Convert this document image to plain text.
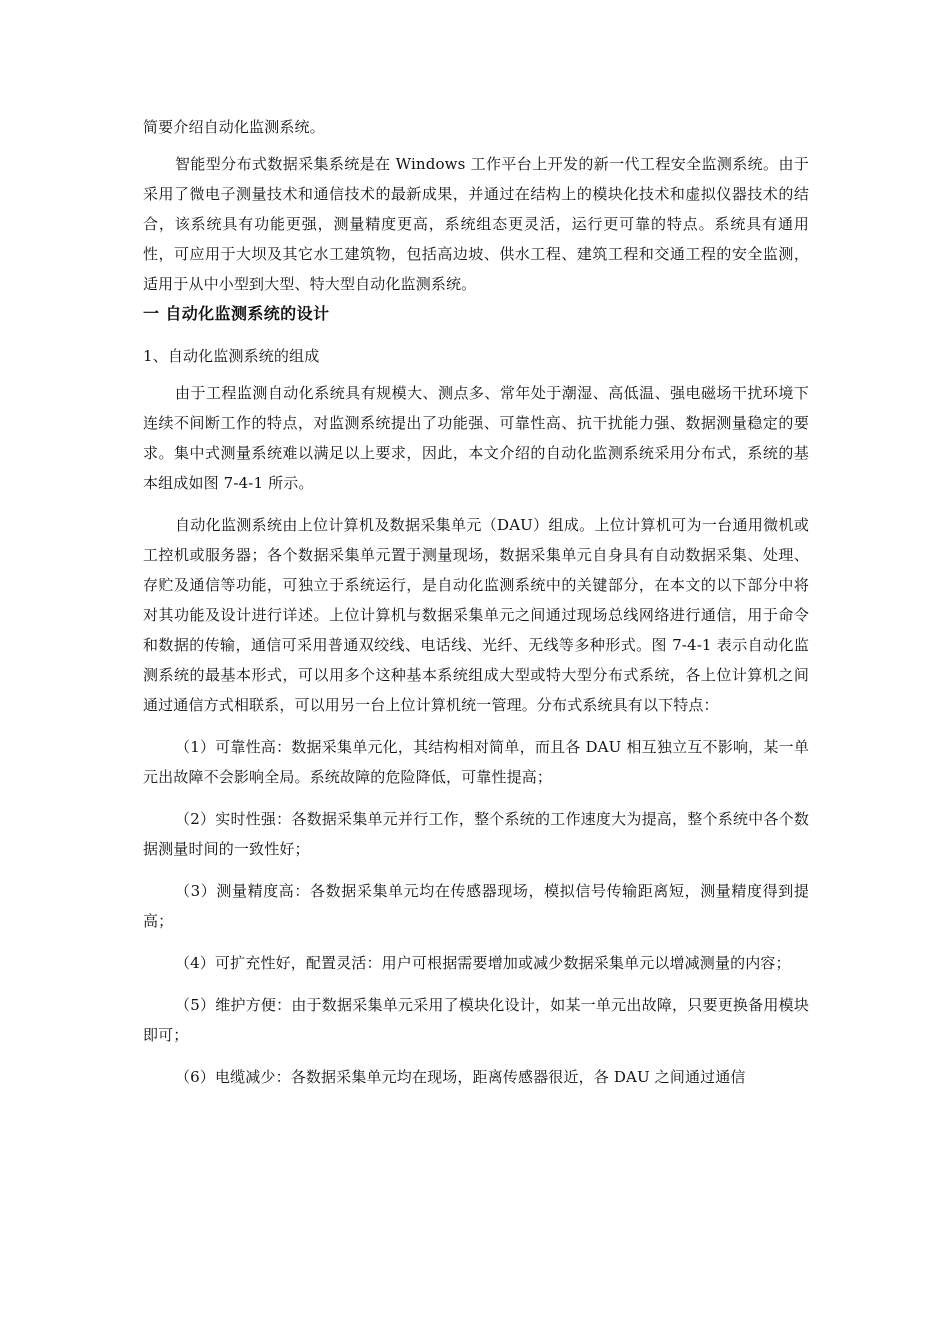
简要介绍自动化监测系统。

智能型分布式数据采集系统是在 Windows 工作平台上开发的新一代工程安全监测系统。由于采用了微电子测量技术和通信技术的最新成果，并通过在结构上的模块化技术和虚拟仪器技术的结合，该系统具有功能更强，测量精度更高，系统组态更灵活，运行更可靠的特点。系统具有通用性，可应用于大坝及其它水工建筑物，包括高边坡、供水工程、建筑工程和交通工程的安全监测，适用于从中小型到大型、特大型自动化监测系统。

一 自动化监测系统的设计

1、自动化监测系统的组成

由于工程监测自动化系统具有规模大、测点多、常年处于潮湿、高低温、强电磁场干扰环境下连续不间断工作的特点，对监测系统提出了功能强、可靠性高、抗干扰能力强、数据测量稳定的要求。集中式测量系统难以满足以上要求，因此，本文介绍的自动化监测系统采用分布式，系统的基本组成如图 7-4-1 所示。

自动化监测系统由上位计算机及数据采集单元（DAU）组成。上位计算机可为一台通用微机或工控机或服务器；各个数据采集单元置于测量现场，数据采集单元自身具有自动数据采集、处理、存贮及通信等功能，可独立于系统运行，是自动化监测系统中的关键部分，在本文的以下部分中将对其功能及设计进行详述。上位计算机与数据采集单元之间通过现场总线网络进行通信，用于命令和数据的传输，通信可采用普通双绞线、电话线、光纤、无线等多种形式。图 7-4-1 表示自动化监测系统的最基本形式，可以用多个这种基本系统组成大型或特大型分布式系统，各上位计算机之间通过通信方式相联系，可以用另一台上位计算机统一管理。分布式系统具有以下特点：

（1）可靠性高：数据采集单元化，其结构相对简单，而且各 DAU 相互独立互不影响，某一单元出故障不会影响全局。系统故障的危险降低，可靠性提高；

（2）实时性强：各数据采集单元并行工作，整个系统的工作速度大为提高，整个系统中各个数据测量时间的一致性好；

（3）测量精度高：各数据采集单元均在传感器现场，模拟信号传输距离短，测量精度得到提高；

（4）可扩充性好，配置灵活：用户可根据需要增加或减少数据采集单元以增减测量的内容；

（5）维护方便：由于数据采集单元采用了模块化设计，如某一单元出故障，只要更换备用模块即可；

（6）电缆减少：各数据采集单元均在现场，距离传感器很近，各 DAU 之间通过通信
